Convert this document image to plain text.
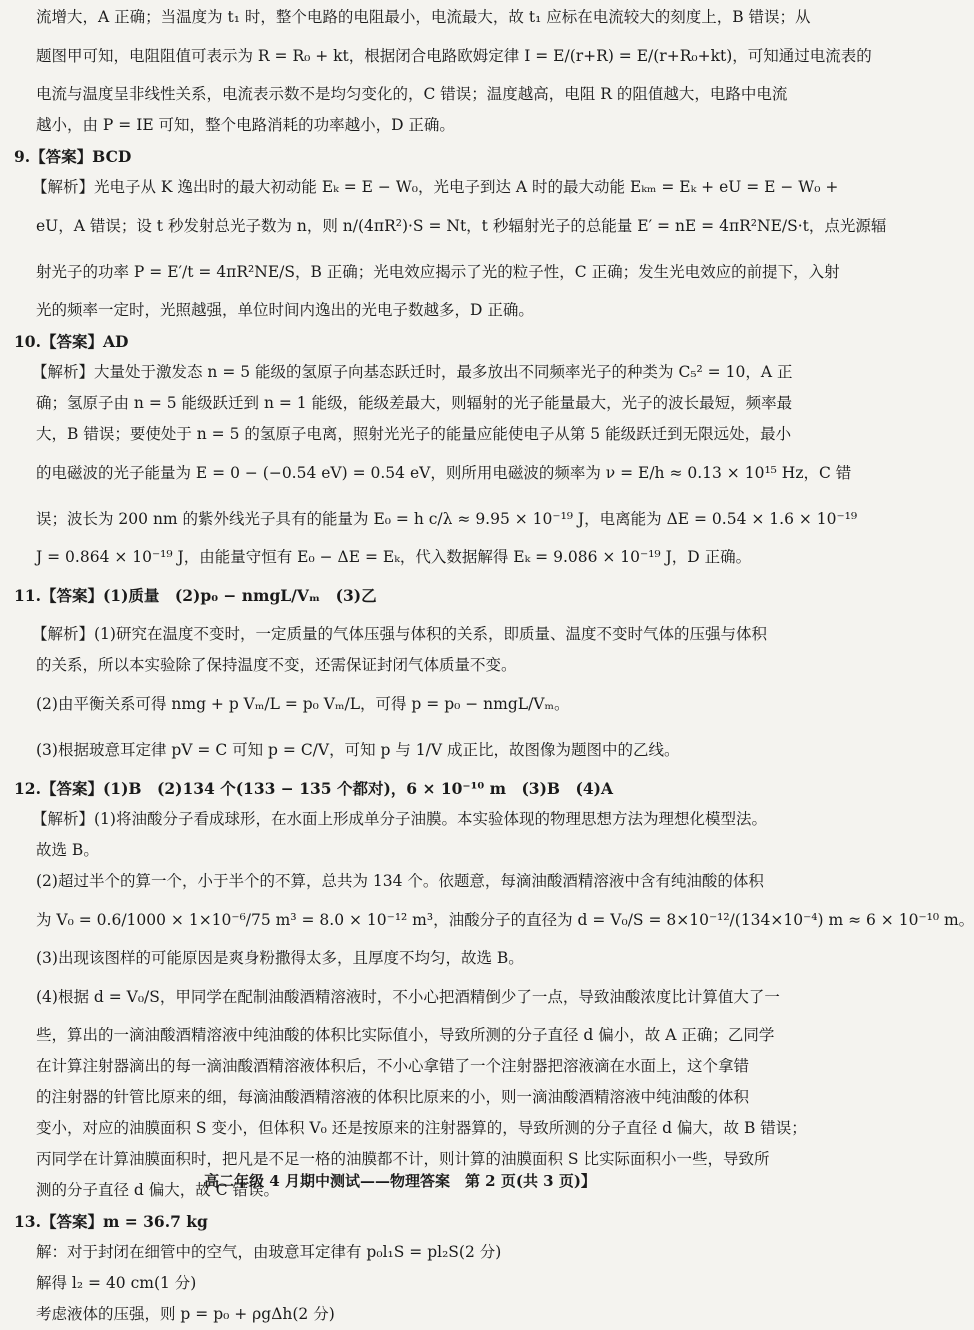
流增大，A 正确；当温度为 t₁ 时，整个电路的电阻最小，电流最大，故 t₁ 应标在电流较大的刻度上，B 错误；从
题图甲可知，电阻阻值可表示为 R = R₀ + kt，根据闭合电路欧姆定律 I = E/(r+R) = E/(r+R₀+kt)，可知通过电流表的
电流与温度呈非线性关系，电流表示数不是均匀变化的，C 错误；温度越高，电阻 R 的阻值越大，电路中电流
越小，由 P = IE 可知，整个电路消耗的功率越小，D 正确。
9.【答案】BCD
【解析】光电子从 K 逸出时的最大初动能 Eₖ = E − W₀，光电子到达 A 时的最大动能 Eₖₘ = Eₖ + eU = E − W₀ +
eU，A 错误；设 t 秒发射总光子数为 n，则 n/(4πR²)·S = Nt，t 秒辐射光子的总能量 E′ = nE = 4πR²NE/S·t，点光源辐
射光子的功率 P = E′/t = 4πR²NE/S，B 正确；光电效应揭示了光的粒子性，C 正确；发生光电效应的前提下，入射
光的频率一定时，光照越强，单位时间内逸出的光电子数越多，D 正确。
10.【答案】AD
【解析】大量处于激发态 n = 5 能级的氢原子向基态跃迁时，最多放出不同频率光子的种类为 C₅² = 10，A 正
确；氢原子由 n = 5 能级跃迁到 n = 1 能级，能级差最大，则辐射的光子能量最大，光子的波长最短，频率最
大，B 错误；要使处于 n = 5 的氢原子电离，照射光光子的能量应能使电子从第 5 能级跃迁到无限远处，最小
的电磁波的光子能量为 E = 0 − (−0.54 eV) = 0.54 eV，则所用电磁波的频率为 ν = E/h ≈ 0.13 × 10¹⁵ Hz，C 错
误；波长为 200 nm 的紫外线光子具有的能量为 E₀ = h c/λ ≈ 9.95 × 10⁻¹⁹ J，电离能为 ΔE = 0.54 × 1.6 × 10⁻¹⁹
J = 0.864 × 10⁻¹⁹ J，由能量守恒有 E₀ − ΔE = Eₖ，代入数据解得 Eₖ = 9.086 × 10⁻¹⁹ J，D 正确。
11.【答案】(1)质量　(2)p₀ − nmgL/Vₘ　(3)乙
【解析】(1)研究在温度不变时，一定质量的气体压强与体积的关系，即质量、温度不变时气体的压强与体积
的关系，所以本实验除了保持温度不变，还需保证封闭气体质量不变。
(2)由平衡关系可得 nmg + p Vₘ/L = p₀ Vₘ/L，可得 p = p₀ − nmgL/Vₘ。
(3)根据玻意耳定律 pV = C 可知 p = C/V，可知 p 与 1/V 成正比，故图像为题图中的乙线。
12.【答案】(1)B　(2)134 个(133 − 135 个都对)，6 × 10⁻¹⁰ m　(3)B　(4)A
【解析】(1)将油酸分子看成球形，在水面上形成单分子油膜。本实验体现的物理思想方法为理想化模型法。
故选 B。
(2)超过半个的算一个，小于半个的不算，总共为 134 个。依题意，每滴油酸酒精溶液中含有纯油酸的体积
为 V₀ = 0.6/1000 × 1×10⁻⁶/75 m³ = 8.0 × 10⁻¹² m³，油酸分子的直径为 d = V₀/S = 8×10⁻¹²/(134×10⁻⁴) m ≈ 6 × 10⁻¹⁰ m。
(3)出现该图样的可能原因是爽身粉撒得太多，且厚度不均匀，故选 B。
(4)根据 d = V₀/S，甲同学在配制油酸酒精溶液时，不小心把酒精倒少了一点，导致油酸浓度比计算值大了一
些，算出的一滴油酸酒精溶液中纯油酸的体积比实际值小，导致所测的分子直径 d 偏小，故 A 正确；乙同学
在计算注射器滴出的每一滴油酸酒精溶液体积后，不小心拿错了一个注射器把溶液滴在水面上，这个拿错
的注射器的针管比原来的细，每滴油酸酒精溶液的体积比原来的小，则一滴油酸酒精溶液中纯油酸的体积
变小，对应的油膜面积 S 变小，但体积 V₀ 还是按原来的注射器算的，导致所测的分子直径 d 偏大，故 B 错误；
丙同学在计算油膜面积时，把凡是不足一格的油膜都不计，则计算的油膜面积 S 比实际面积小一些，导致所
测的分子直径 d 偏大，故 C 错误。
13.【答案】m = 36.7 kg
解：对于封闭在细管中的空气，由玻意耳定律有 p₀l₁S = pl₂S(2 分)
解得 l₂ = 40 cm(1 分)
考虑液体的压强，则 p = p₀ + ρgΔh(2 分)
高二年级 4 月期中测试——物理答案　第 2 页(共 3 页)】
